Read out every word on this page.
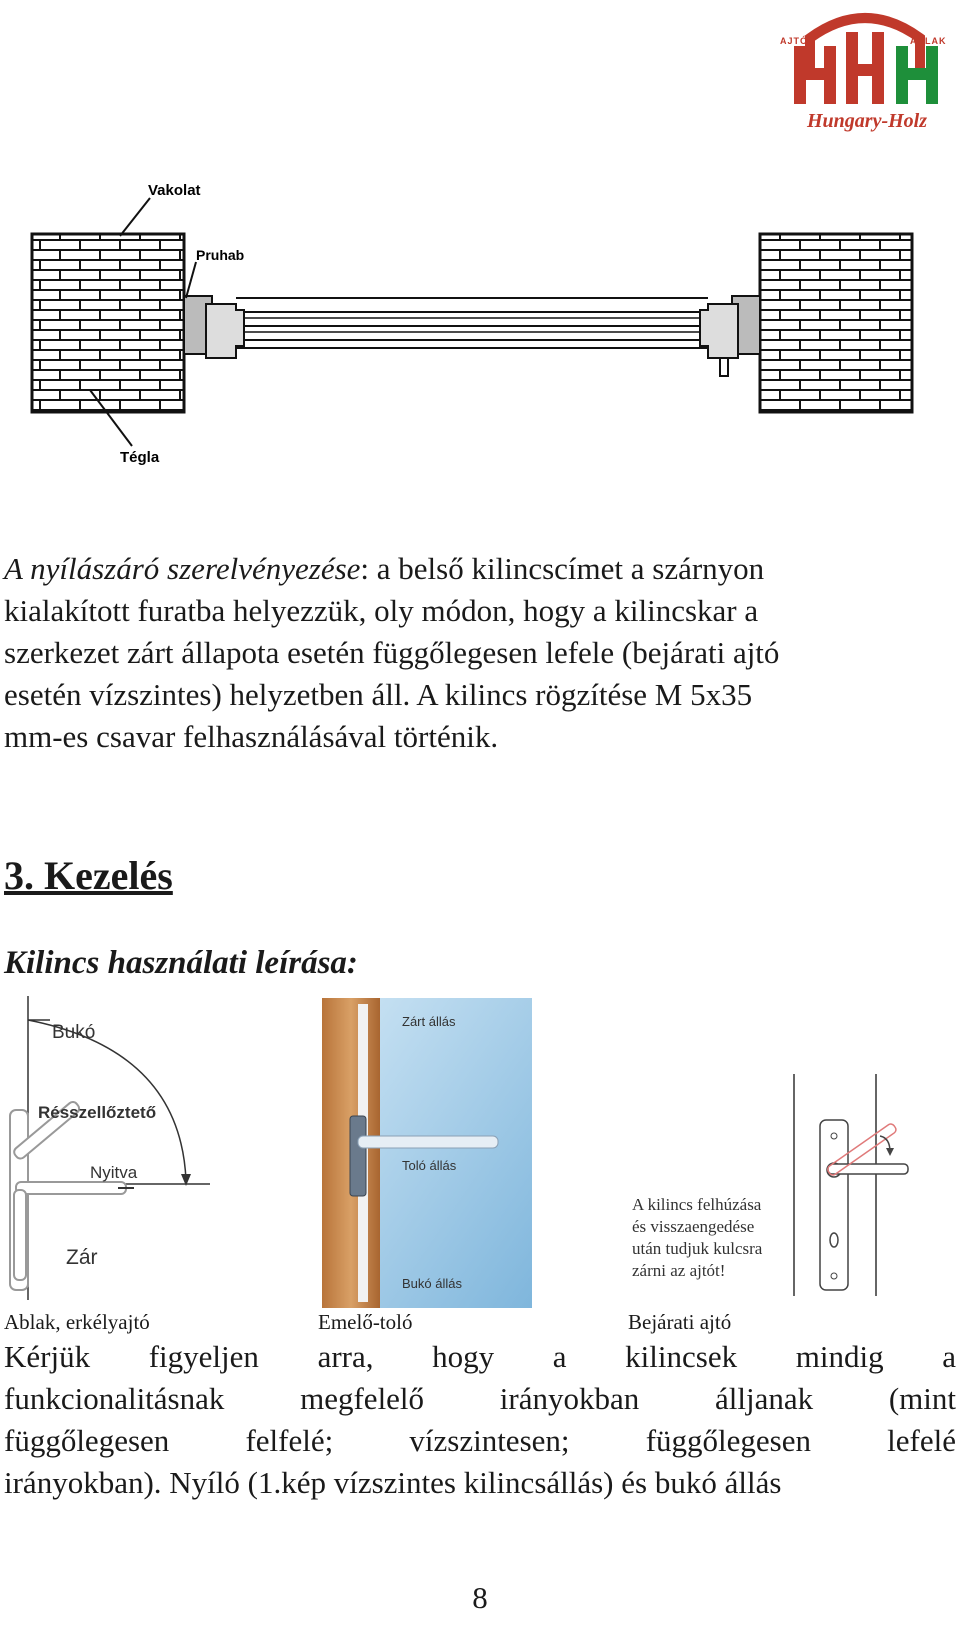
AJTÓ	ABLAK
Hungary-Holz
Vakolat
Pruhab
Tégla
A nyílászáró szerelvényezése: a belső kilincscímet a szárnyon
kialakított furatba helyezzük, oly módon, hogy a kilincskar a
szerkezet zárt állapota esetén függőlegesen lefele (bejárati ajtó
esetén vízszintes) helyzetben áll. A kilincs rögzítése M 5x35
mm-es csavar felhasználásával történik.
3. Kezelés
Kilincs használati leírása:
Bukó
Résszellőztető
Nyitva
Zár
Zárt állás
Toló állás
Bukó állás
A kilincs felhúzása
és visszaengedése
után tudjuk kulcsra
zárni az ajtót!
Ablak, erkélyajtó	Emelő-toló	Bejárati ajtó
Kérjük figyeljen arra, hogy a kilincsek mindig a
funkcionalitásnak megfelelő irányokban álljanak (mint
függőlegesen felfelé; vízszintesen; függőlegesen lefelé
irányokban). Nyíló (1.kép vízszintes kilincsállás) és bukó állás
8
